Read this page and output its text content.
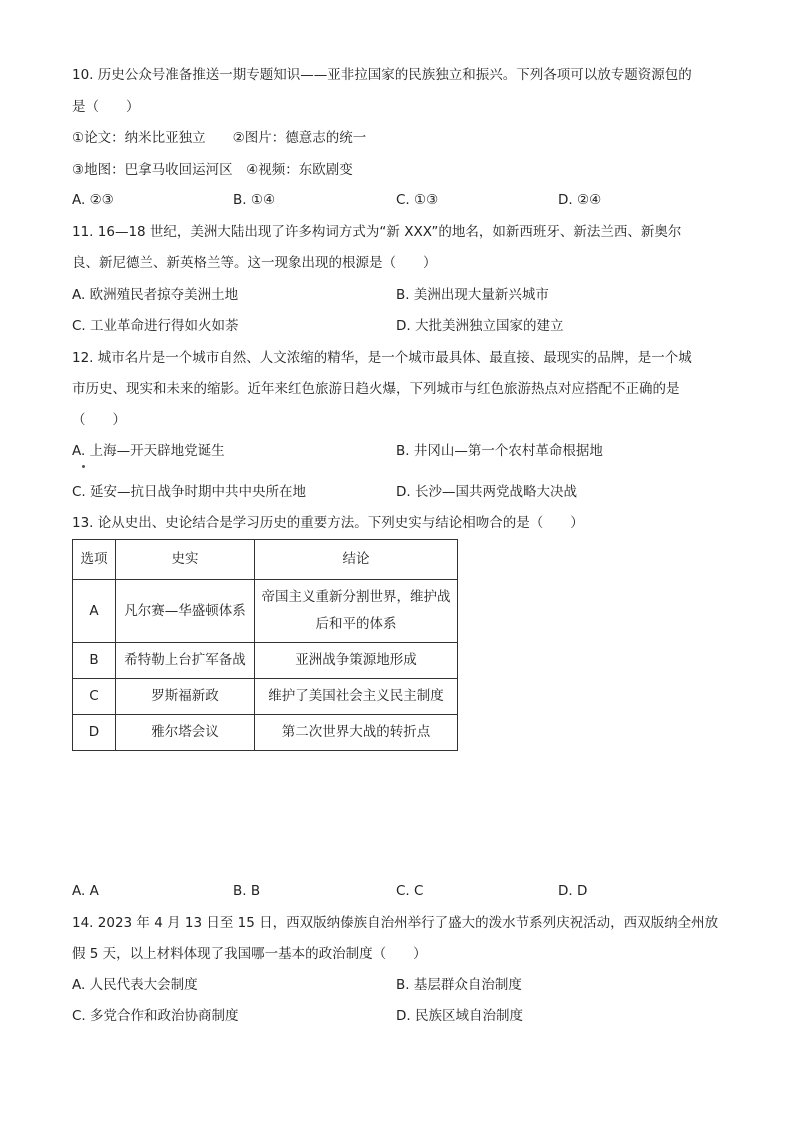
10. 历史公众号准备推送一期专题知识——亚非拉国家的民族独立和振兴。下列各项可以放专题资源包的
是（　　）
①论文：纳米比亚独立　　②图片：德意志的统一
③地图：巴拿马收回运河区　④视频：东欧剧变
A. ②③	B. ①④	C. ①③	D. ②④
11. 16—18 世纪，美洲大陆出现了许多构词方式为“新 XXX”的地名，如新西班牙、新法兰西、新奥尔
良、新尼德兰、新英格兰等。这一现象出现的根源是（　　）
A. 欧洲殖民者掠夺美洲土地	B. 美洲出现大量新兴城市
C. 工业革命进行得如火如荼	D. 大批美洲独立国家的建立
12. 城市名片是一个城市自然、人文浓缩的精华，是一个城市最具体、最直接、最现实的品牌，是一个城
市历史、现实和未来的缩影。近年来红色旅游日趋火爆，下列城市与红色旅游热点对应搭配不正确的是
（　　）
A. 上海—开天辟地党诞生	B. 井冈山—第一个农村革命根据地
C. 延安—抗日战争时期中共中央所在地	D. 长沙—国共两党战略大决战
13. 论从史出、史论结合是学习历史的重要方法。下列史实与结论相吻合的是（　　）
选项	史实	结论
A	凡尔赛—华盛顿体系	帝国主义重新分割世界，维护战后和平的体系
B	希特勒上台扩军备战	亚洲战争策源地形成
C	罗斯福新政	维护了美国社会主义民主制度
D	雅尔塔会议	第二次世界大战的转折点
A. A	B. B	C. C	D. D
14. 2023 年 4 月 13 日至 15 日，西双版纳傣族自治州举行了盛大的泼水节系列庆祝活动，西双版纳全州放
假 5 天，以上材料体现了我国哪一基本的政治制度（　　）
A. 人民代表大会制度	B. 基层群众自治制度
C. 多党合作和政治协商制度	D. 民族区域自治制度
